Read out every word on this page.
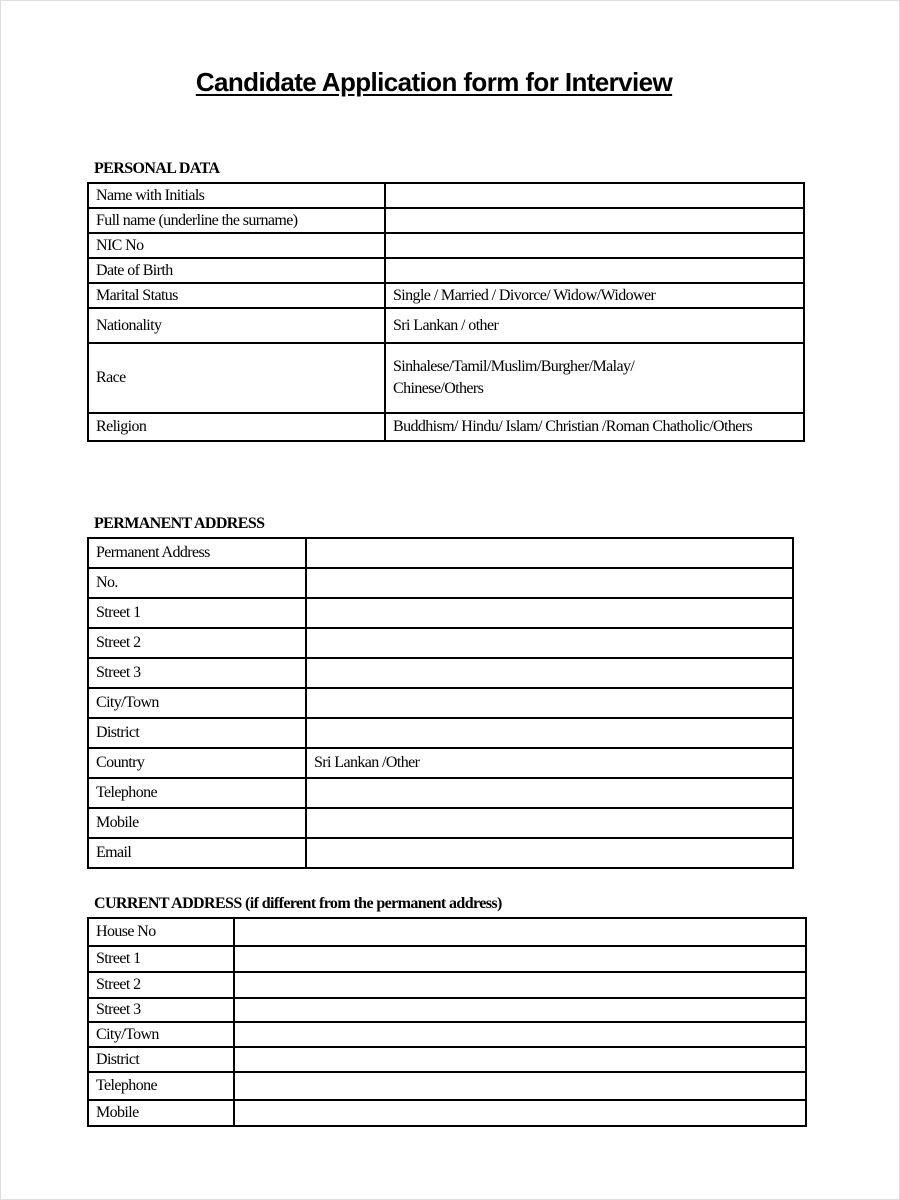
Candidate Application form for Interview
PERSONAL DATA
Name with Initials	
Full name (underline the surname)	
NIC No	
Date of Birth	
Marital Status	Single / Married / Divorce/ Widow/Widower
Nationality	Sri Lankan / other
Race	Sinhalese/Tamil/Muslim/Burgher/Malay/
Chinese/Others

Religion	Buddhism/ Hindu/ Islam/ Christian /Roman Chatholic/Others
PERMANENT ADDRESS
Permanent Address	
No.	
Street 1	
Street 2	
Street 3	
City/Town	
District	
Country	Sri Lankan /Other
Telephone	
Mobile	
Email	
CURRENT ADDRESS (if different from the permanent address)
House No	
Street 1	
Street 2	
Street 3	
City/Town	
District	
Telephone	
Mobile	
